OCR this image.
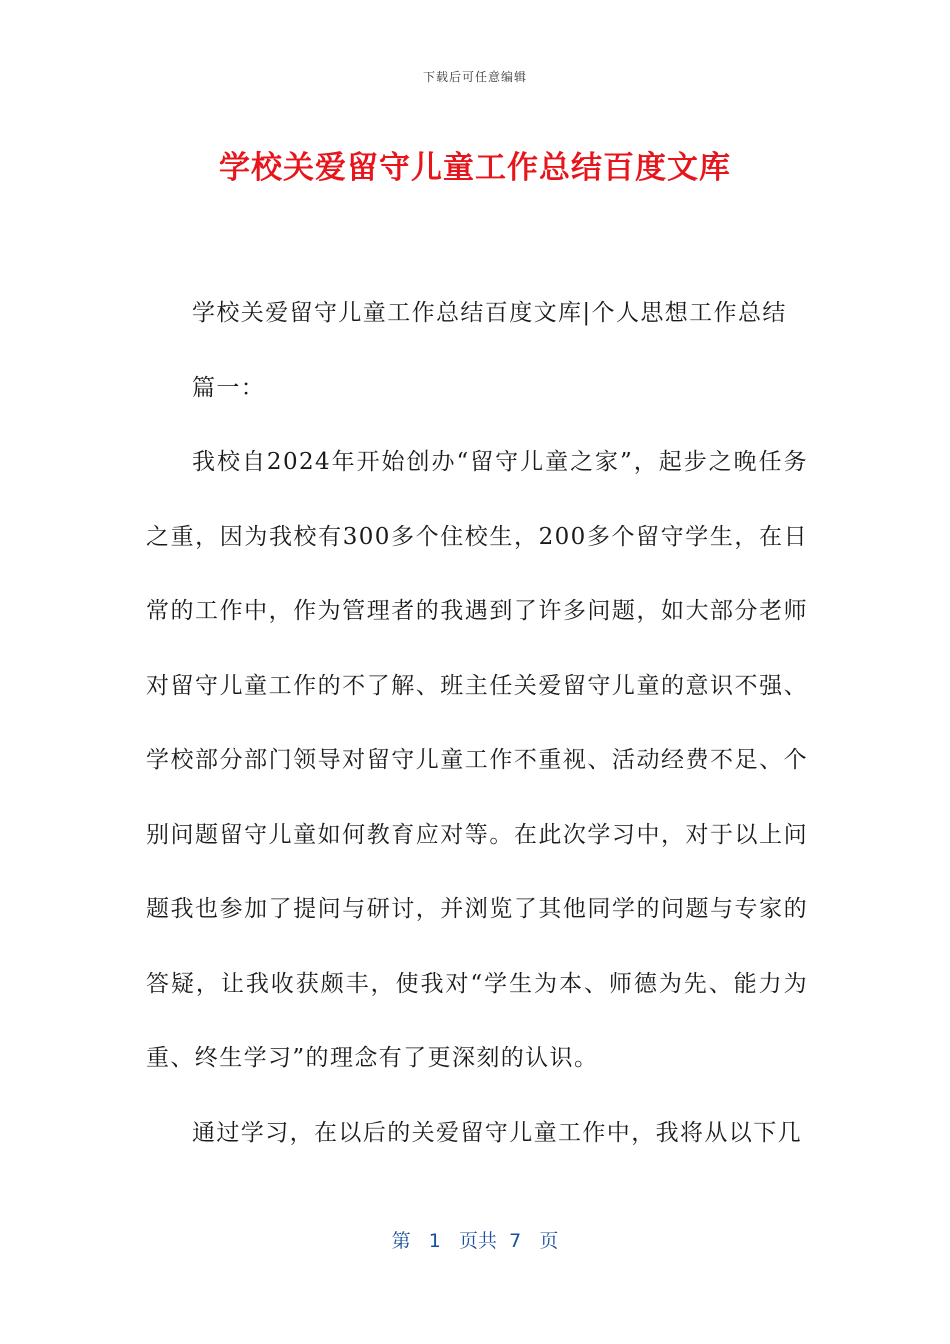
下载后可任意编辑
学校关爱留守儿童工作总结百度文库

学校关爱留守儿童工作总结百度文库|个人思想工作总结

篇一：

我校自2024年开始创办“留守儿童之家”，起步之晚任务之重，因为我校有300多个住校生，200多个留守学生，在日常的工作中，作为管理者的我遇到了许多问题，如大部分老师对留守儿童工作的不了解、班主任关爱留守儿童的意识不强、学校部分部门领导对留守儿童工作不重视、活动经费不足、个别问题留守儿童如何教育应对等。在此次学习中，对于以上问题我也参加了提问与研讨，并浏览了其他同学的问题与专家的答疑，让我收获颇丰，使我对“学生为本、师德为先、能力为重、终生学习”的理念有了更深刻的认识。

通过学习，在以后的关爱留守儿童工作中，我将从以下几

第 1 页共 7 页
